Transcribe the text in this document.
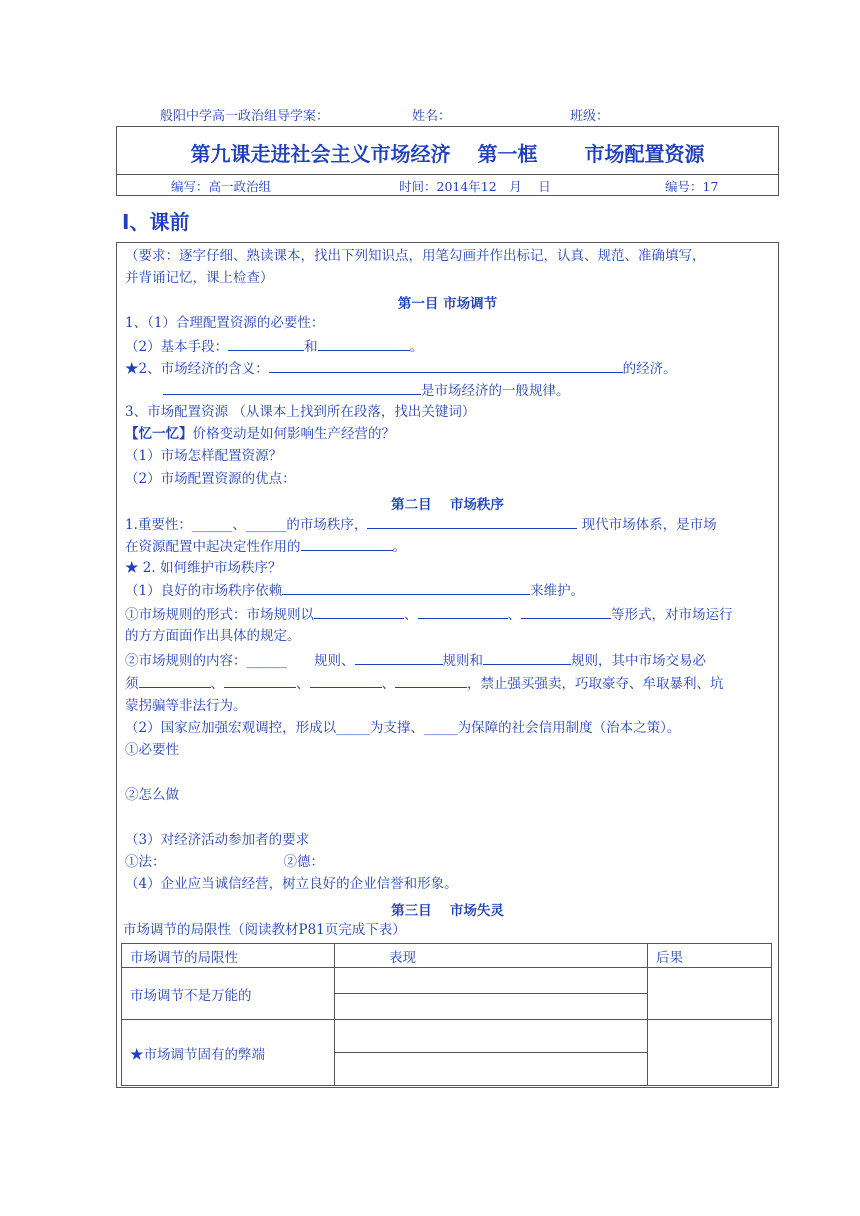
般阳中学高一政治组导学案：	姓名：	班级：
第九课走进社会主义市场经济　 第一框　　 市场配置资源
编写：高一政治组	时间：2014年12　月　 日	编号：17
Ⅰ、课前
（要求：逐字仔细、熟读课本，找出下列知识点，用笔勾画并作出标记，认真、规范、准确填写，
并背诵记忆，课上检查）
第一目 市场调节
1、（1）合理配置资源的必要性：
（2）基本手段：	和	。
★2、市场经济的含义：	的经济。
是市场经济的一般规律。
3、市场配置资源 （从课本上找到所在段落，找出关键词）
【忆一忆】价格变动是如何影响生产经营的？
（1）市场怎样配置资源？
（2）市场配置资源的优点：
第二目　 市场秩序
1.重要性：______、______的市场秩序，	现代市场体系，是市场
在资源配置中起决定性作用的	。
★ 2. 如何维护市场秩序？
（1）良好的市场秩序依赖	来维护。
①市场规则的形式：市场规则以	、	、	等形式，对市场运行
的方方面面作出具体的规定。
②市场规则的内容：______　　规则、	规则和	规则，其中市场交易必
须	、	、	、	，禁止强买强卖，巧取豪夺、牟取暴利、坑
蒙拐骗等非法行为。
（2）国家应加强宏观调控，形成以_____为支撑、_____为保障的社会信用制度（治本之策）。
①必要性
②怎么做
（3）对经济活动参加者的要求
①法：	②德：
（4）企业应当诚信经营，树立良好的企业信誉和形象。
第三目　 市场失灵
市场调节的局限性（阅读教材P81页完成下表）
市场调节的局限性	表现	后果
市场调节不是万能的		

★市场调节固有的弊端		
